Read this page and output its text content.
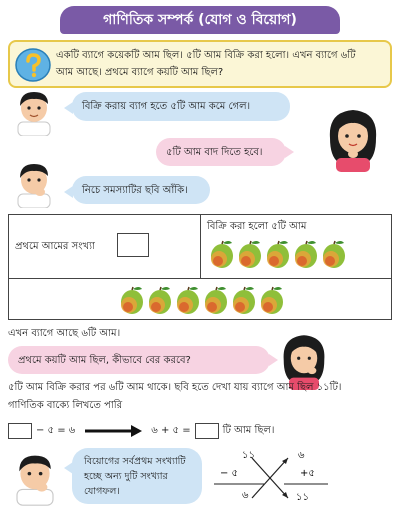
গাণিতিক সম্পর্ক (যোগ ও বিয়োগ)
একটি ব্যাগে কয়েকটি আম ছিল। ৫টি আম বিক্রি করা হলো। এখন ব্যাগে ৬টি
আম আছে। প্রথমে ব্যাগে কয়টি আম ছিল?
বিক্রি করায় ব্যাগ হতে ৫টি আম কমে গেল।
৫টি আম বাদ দিতে হবে।
নিচে সমস্যাটির ছবি আঁকি।
প্রথমে আমের সংখ্যা
বিক্রি করা হলো ৫টি আম
এখন ব্যাগে আছে ৬টি আম।
প্রথমে কয়টি আম ছিল, কীভাবে বের করবে?
৫টি আম বিক্রি করার পর ৬টি আম থাকে। ছবি হতে দেখা যায় ব্যাগে আম ছিল ১১টি।
গাণিতিক বাক্যে লিখতে পারি
− ৫ = ৬	৬ + ৫ =	টি আম ছিল।
বিয়োগের সর্বপ্রথম সংখ্যাটি হচ্ছে অন্য দুটি সংখ্যার যোগফল।
১১
− ৫
৬
৬
+৫
১১
